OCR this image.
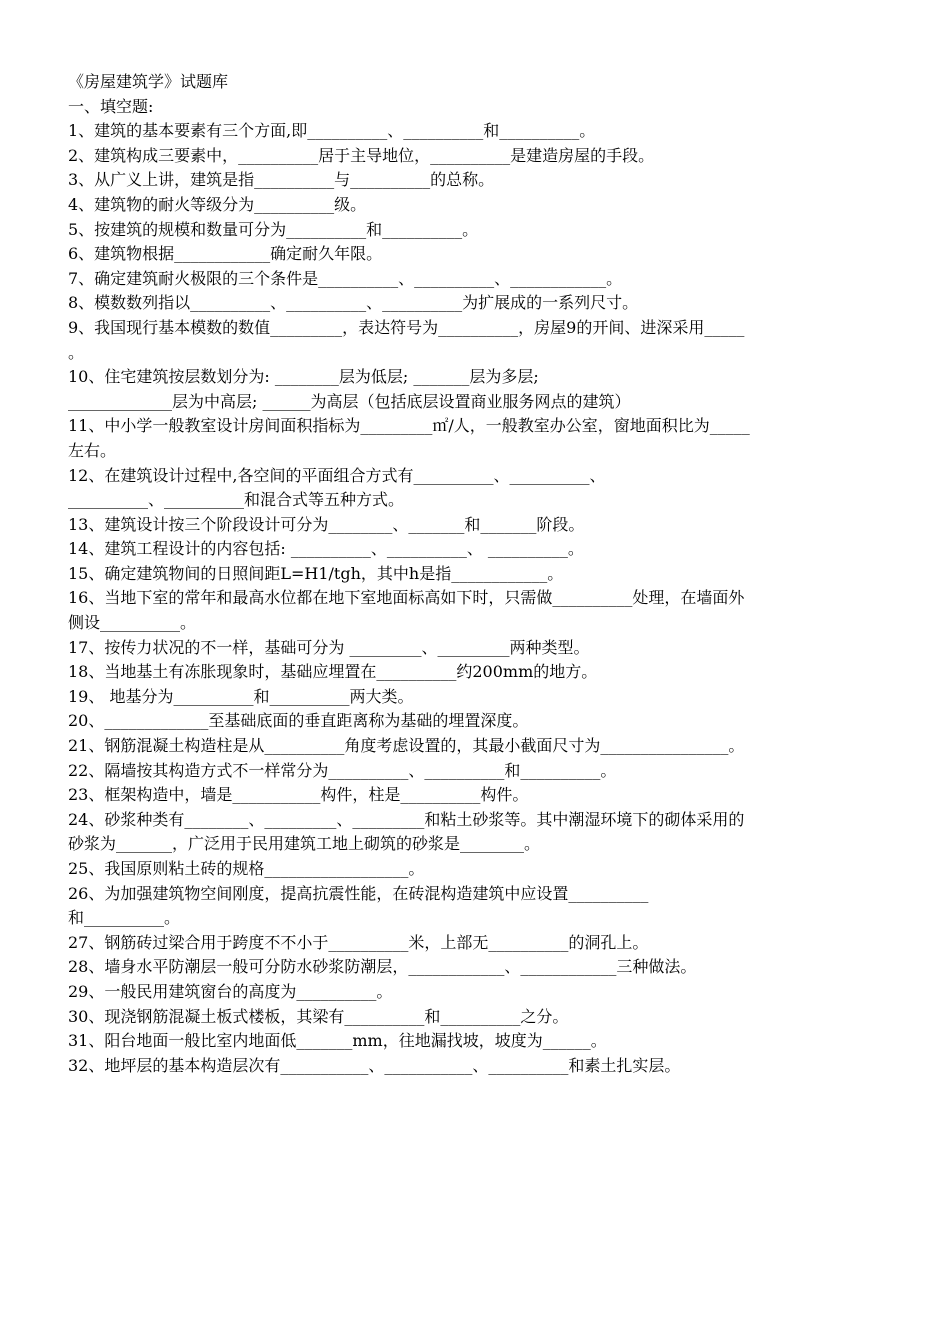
《房屋建筑学》试题库
一、填空题:
1、建筑的基本要素有三个方面,即__________、__________和__________。
2、建筑构成三要素中，__________居于主导地位，__________是建造房屋的手段。
3、从广义上讲，建筑是指__________与__________的总称。
4、建筑物的耐火等级分为__________级。
5、按建筑的规模和数量可分为__________和__________。
6、建筑物根据____________确定耐久年限。
7、确定建筑耐火极限的三个条件是__________、__________、____________。
8、模数数列指以__________、__________、__________为扩展成的一系列尺寸。
9、我国现行基本模数的数值_________，表达符号为__________，房屋9的开间、进深采用_____
。
10、住宅建筑按层数划分为: ________层为低层; _______层为多层;
_____________层为中高层; ______为高层（包括底层设置商业服务网点的建筑）
11、中小学一般教室设计房间面积指标为_________㎡/人，一般教室办公室，窗地面积比为_____
左右。
12、在建筑设计过程中,各空间的平面组合方式有__________、__________、
__________、__________和混合式等五种方式。
13、建筑设计按三个阶段设计可分为________、_______和_______阶段。
14、建筑工程设计的内容包括: __________、__________、 __________。
15、确定建筑物间的日照间距L=H1/tgh，其中h是指____________。
16、当地下室的常年和最高水位都在地下室地面标高如下时，只需做__________处理，在墙面外
侧设__________。
17、按传力状况的不一样，基础可分为 _________、_________两种类型。
18、当地基土有冻胀现象时，基础应埋置在__________约200mm的地方。
19、 地基分为__________和__________两大类。
20、_____________至基础底面的垂直距离称为基础的埋置深度。
21、钢筋混凝土构造柱是从__________角度考虑设置的，其最小截面尺寸为________________。
22、隔墙按其构造方式不一样常分为__________、__________和__________。
23、框架构造中，墙是___________构件，柱是__________构件。
24、砂浆种类有________、_________、_________和粘土砂浆等。其中潮湿环境下的砌体采用的
砂浆为_______，广泛用于民用建筑工地上砌筑的砂浆是________。
25、我国原则粘土砖的规格__________________。
26、为加强建筑物空间刚度，提高抗震性能，在砖混构造建筑中应设置__________
和__________。
27、钢筋砖过梁合用于跨度不不小于__________米，上部无__________的洞孔上。
28、墙身水平防潮层一般可分防水砂浆防潮层，____________、____________三种做法。
29、一般民用建筑窗台的高度为__________。
30、现浇钢筋混凝土板式楼板，其梁有__________和__________之分。
31、阳台地面一般比室内地面低_______mm，往地漏找坡，坡度为______。
32、地坪层的基本构造层次有___________、___________、__________和素土扎实层。
